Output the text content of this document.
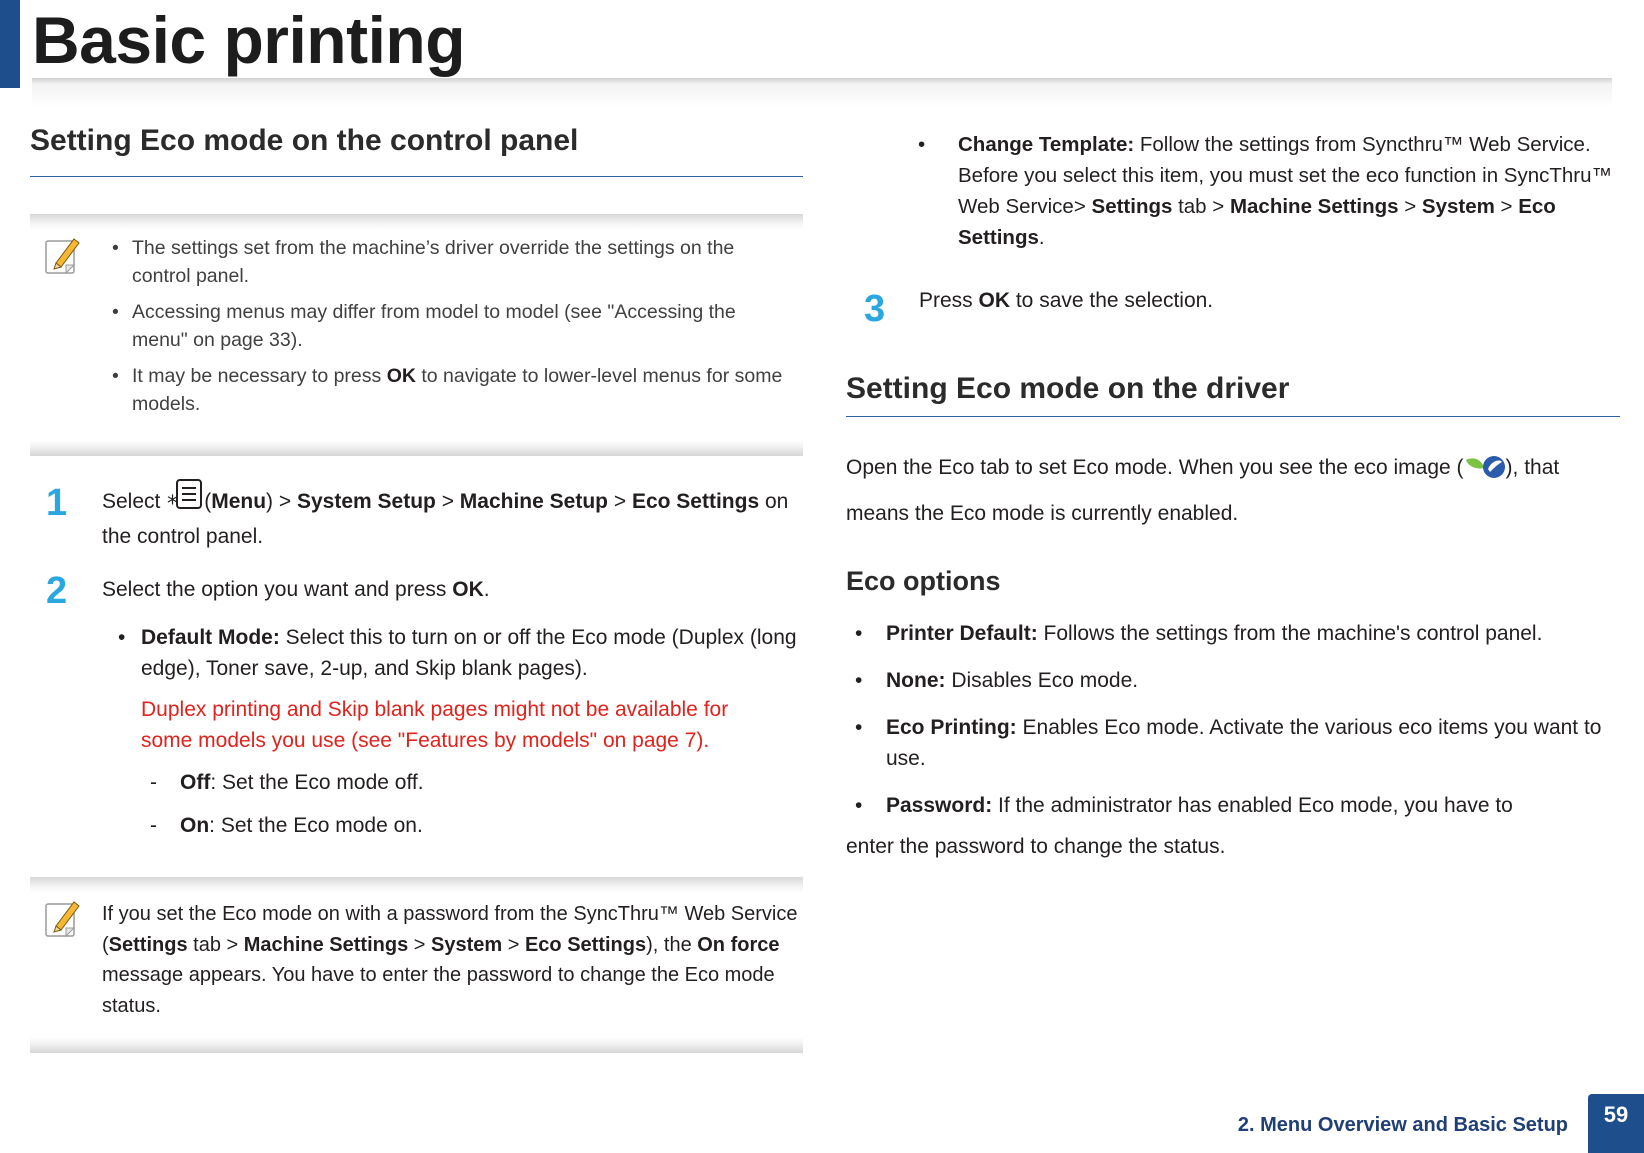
Basic printing
Setting Eco mode on the control panel
• The settings set from the machine’s driver override the settings on the control panel.
• Accessing menus may differ from model to model (see "Accessing the menu" on page 33).
• It may be necessary to press OK to navigate to lower-level menus for some models.
1 Select * (Menu) > System Setup > Machine Setup > Eco Settings on the control panel.
2 Select the option you want and press OK.
• Default Mode: Select this to turn on or off the Eco mode (Duplex (long edge), Toner save, 2-up, and Skip blank pages).
Duplex printing and Skip blank pages might not be available for some models you use (see "Features by models" on page 7).
-	Off: Set the Eco mode off.
-	On: Set the Eco mode on.
If you set the Eco mode on with a password from the SyncThru™ Web Service (Settings tab > Machine Settings > System > Eco Settings), the On force message appears. You have to enter the password to change the Eco mode status.
•	Change Template: Follow the settings from Syncthru™ Web Service. Before you select this item, you must set the eco function in SyncThru™ Web Service> Settings tab > Machine Settings > System > Eco Settings.
3 Press OK to save the selection.
Setting Eco mode on the driver
Open the Eco tab to set Eco mode. When you see the eco image ( ), that means the Eco mode is currently enabled.
Eco options
•	Printer Default: Follows the settings from the machine's control panel.
•	None: Disables Eco mode.
•	Eco Printing: Enables Eco mode. Activate the various eco items you want to use.
•	Password: If the administrator has enabled Eco mode, you have to
enter the password to change the status.
2. Menu Overview and Basic Setup	59
